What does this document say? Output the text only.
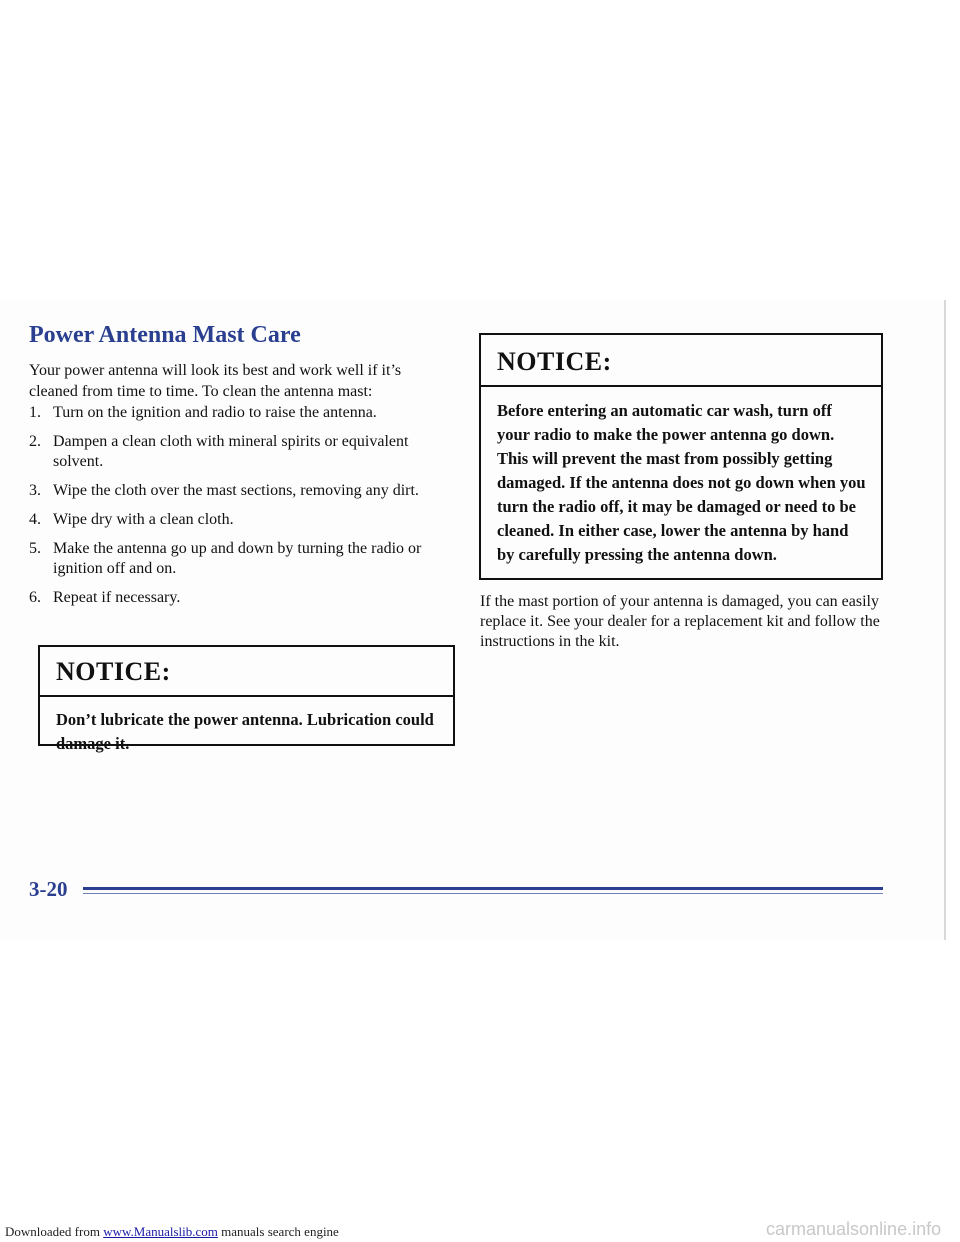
Power Antenna Mast Care

Your power antenna will look its best and work well if it’s cleaned from time to time. To clean the antenna mast:

1. Turn on the ignition and radio to raise the antenna.
2. Dampen a clean cloth with mineral spirits or equivalent solvent.
3. Wipe the cloth over the mast sections, removing any dirt.
4. Wipe dry with a clean cloth.
5. Make the antenna go up and down by turning the radio or ignition off and on.
6. Repeat if necessary.
NOTICE:
Don’t lubricate the power antenna. Lubrication could damage it.
NOTICE:
Before entering an automatic car wash, turn off your radio to make the power antenna go down. This will prevent the mast from possibly getting damaged. If the antenna does not go down when you turn the radio off, it may be damaged or need to be cleaned. In either case, lower the antenna by hand by carefully pressing the antenna down.

If the mast portion of your antenna is damaged, you can easily replace it. See your dealer for a replacement kit and follow the instructions in the kit.

3-20

Downloaded from www.Manualslib.com manuals search engine	carmanualsonline.info
